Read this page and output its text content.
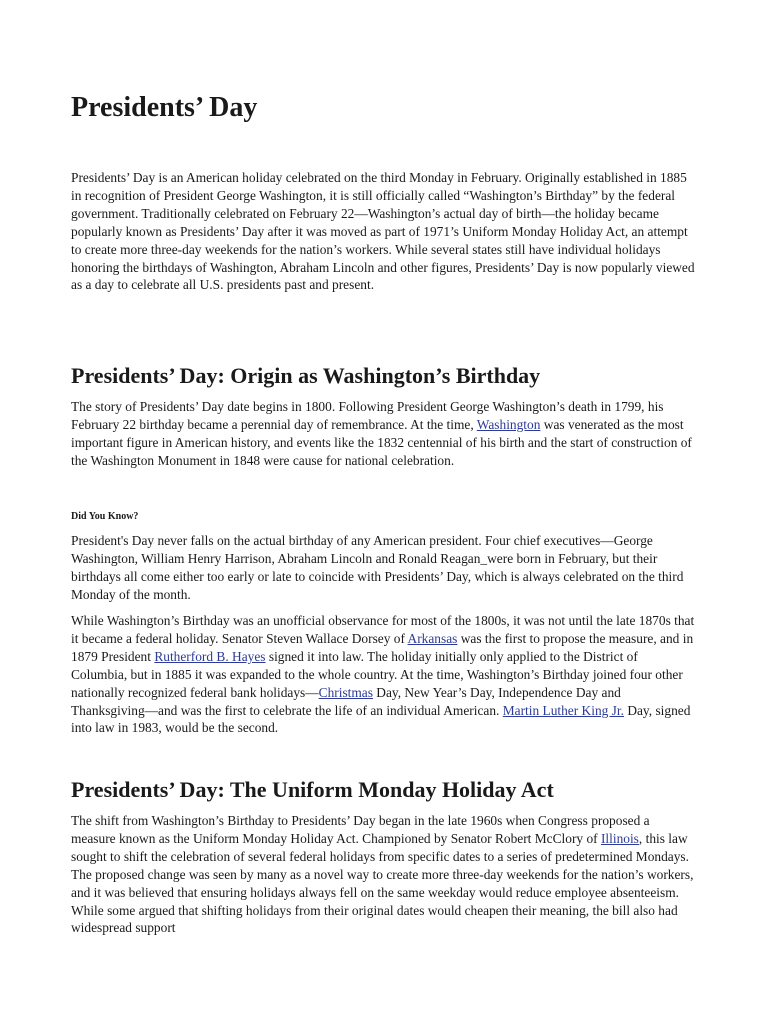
Presidents’ Day

Presidents’ Day is an American holiday celebrated on the third Monday in February. Originally established in 1885 in recognition of President George Washington, it is still officially called “Washington’s Birthday” by the federal government. Traditionally celebrated on February 22—Washington’s actual day of birth—the holiday became popularly known as Presidents’ Day after it was moved as part of 1971’s Uniform Monday Holiday Act, an attempt to create more three-day weekends for the nation’s workers. While several states still have individual holidays honoring the birthdays of Washington, Abraham Lincoln and other figures, Presidents’ Day is now popularly viewed as a day to celebrate all U.S. presidents past and present.

Presidents’ Day: Origin as Washington’s Birthday

The story of Presidents’ Day date begins in 1800. Following President George Washington’s death in 1799, his February 22 birthday became a perennial day of remembrance. At the time, Washington was venerated as the most important figure in American history, and events like the 1832 centennial of his birth and the start of construction of the Washington Monument in 1848 were cause for national celebration.

Did You Know?

President's Day never falls on the actual birthday of any American president. Four chief executives—George Washington, William Henry Harrison, Abraham Lincoln and Ronald Reagan_were born in February, but their birthdays all come either too early or late to coincide with Presidents’ Day, which is always celebrated on the third Monday of the month.

While Washington’s Birthday was an unofficial observance for most of the 1800s, it was not until the late 1870s that it became a federal holiday. Senator Steven Wallace Dorsey of Arkansas was the first to propose the measure, and in 1879 President Rutherford B. Hayes signed it into law. The holiday initially only applied to the District of Columbia, but in 1885 it was expanded to the whole country. At the time, Washington’s Birthday joined four other nationally recognized federal bank holidays—Christmas Day, New Year’s Day, Independence Day and Thanksgiving—and was the first to celebrate the life of an individual American. Martin Luther King Jr. Day, signed into law in 1983, would be the second.

Presidents’ Day: The Uniform Monday Holiday Act

The shift from Washington’s Birthday to Presidents’ Day began in the late 1960s when Congress proposed a measure known as the Uniform Monday Holiday Act. Championed by Senator Robert McClory of Illinois, this law sought to shift the celebration of several federal holidays from specific dates to a series of predetermined Mondays. The proposed change was seen by many as a novel way to create more three-day weekends for the nation’s workers, and it was believed that ensuring holidays always fell on the same weekday would reduce employee absenteeism. While some argued that shifting holidays from their original dates would cheapen their meaning, the bill also had widespread support
